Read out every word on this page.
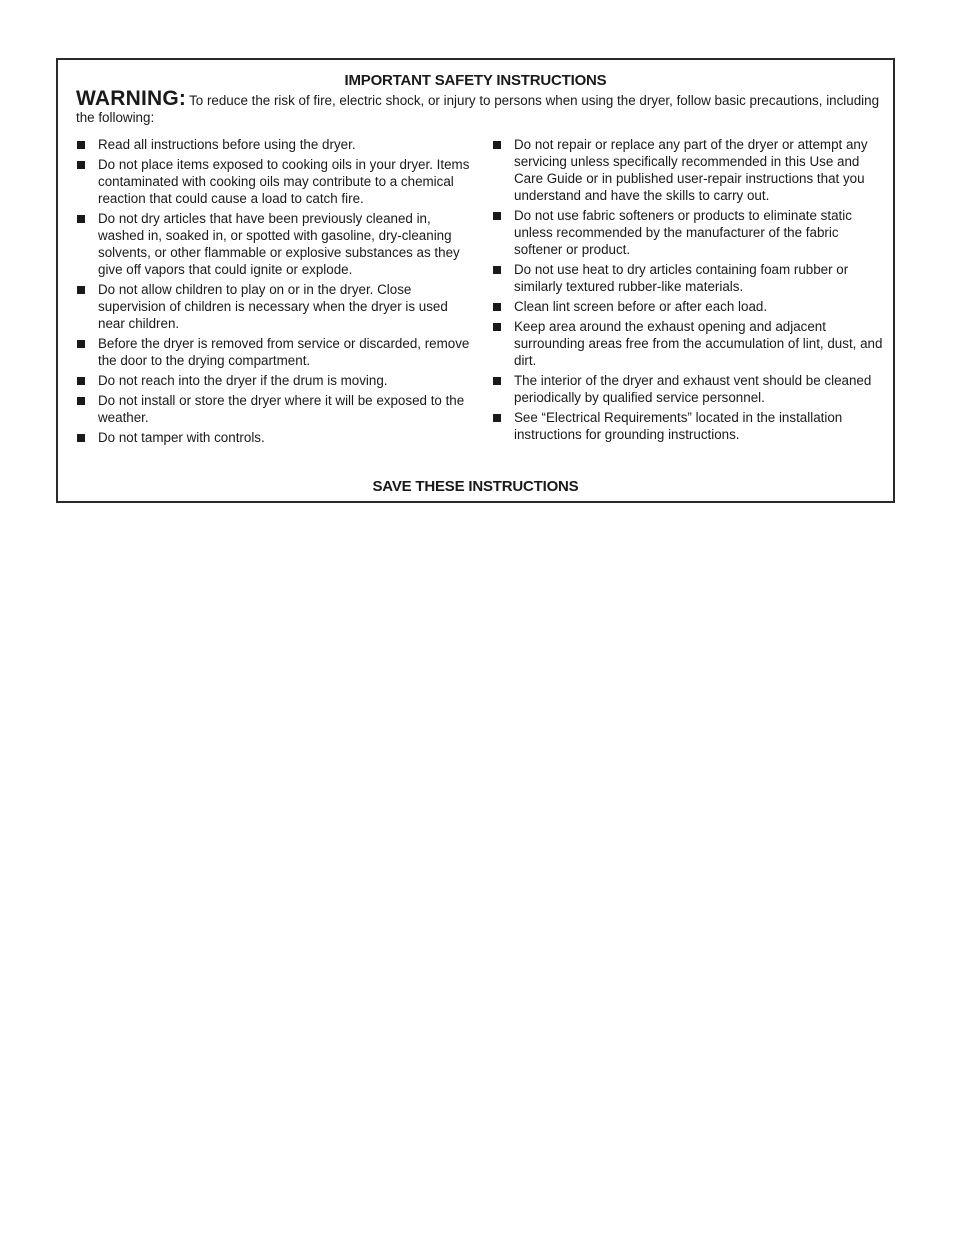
IMPORTANT SAFETY INSTRUCTIONS
WARNING: To reduce the risk of fire, electric shock, or injury to persons when using the dryer, follow basic precautions, including the following:
Read all instructions before using the dryer.
Do not place items exposed to cooking oils in your dryer. Items contaminated with cooking oils may contribute to a chemical reaction that could cause a load to catch fire.
Do not dry articles that have been previously cleaned in, washed in, soaked in, or spotted with gasoline, dry-cleaning solvents, or other flammable or explosive substances as they give off vapors that could ignite or explode.
Do not allow children to play on or in the dryer. Close supervision of children is necessary when the dryer is used near children.
Before the dryer is removed from service or discarded, remove the door to the drying compartment.
Do not reach into the dryer if the drum is moving.
Do not install or store the dryer where it will be exposed to the weather.
Do not tamper with controls.
Do not repair or replace any part of the dryer or attempt any servicing unless specifically recommended in this Use and Care Guide or in published user-repair instructions that you understand and have the skills to carry out.
Do not use fabric softeners or products to eliminate static unless recommended by the manufacturer of the fabric softener or product.
Do not use heat to dry articles containing foam rubber or similarly textured rubber-like materials.
Clean lint screen before or after each load.
Keep area around the exhaust opening and adjacent surrounding areas free from the accumulation of lint, dust, and dirt.
The interior of the dryer and exhaust vent should be cleaned periodically by qualified service personnel.
See “Electrical Requirements” located in the installation instructions for grounding instructions.
SAVE THESE INSTRUCTIONS
